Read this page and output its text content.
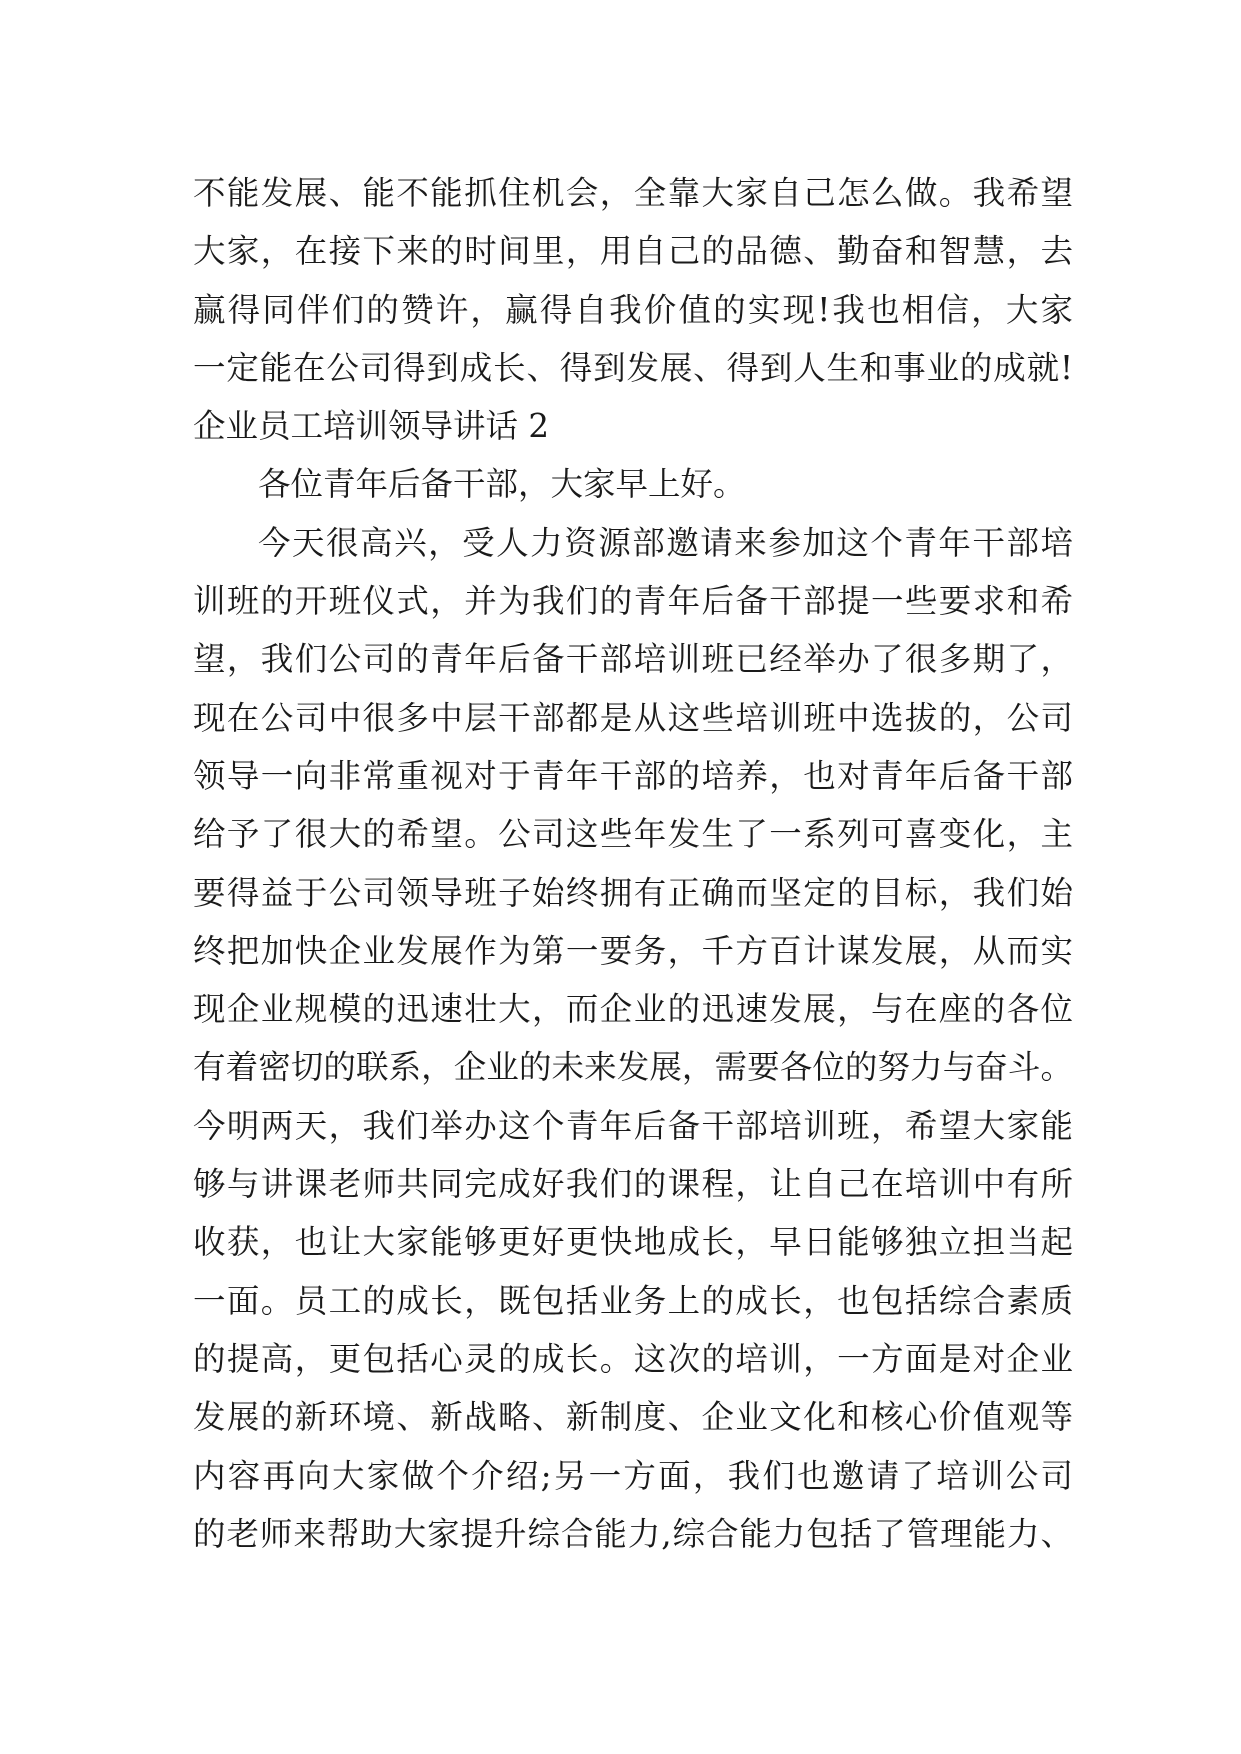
不能发展、能不能抓住机会，全靠大家自己怎么做。我希望
大家，在接下来的时间里，用自己的品德、勤奋和智慧，去
赢得同伴们的赞许，赢得自我价值的实现!我也相信，大家
一定能在公司得到成长、得到发展、得到人生和事业的成就!
企业员工培训领导讲话 2
各位青年后备干部，大家早上好。
今天很高兴，受人力资源部邀请来参加这个青年干部培
训班的开班仪式，并为我们的青年后备干部提一些要求和希
望，我们公司的青年后备干部培训班已经举办了很多期了，
现在公司中很多中层干部都是从这些培训班中选拔的，公司
领导一向非常重视对于青年干部的培养，也对青年后备干部
给予了很大的希望。公司这些年发生了一系列可喜变化，主
要得益于公司领导班子始终拥有正确而坚定的目标，我们始
终把加快企业发展作为第一要务，千方百计谋发展，从而实
现企业规模的迅速壮大，而企业的迅速发展，与在座的各位
有着密切的联系，企业的未来发展，需要各位的努力与奋斗。
今明两天，我们举办这个青年后备干部培训班，希望大家能
够与讲课老师共同完成好我们的课程，让自己在培训中有所
收获，也让大家能够更好更快地成长，早日能够独立担当起
一面。员工的成长，既包括业务上的成长，也包括综合素质
的提高，更包括心灵的成长。这次的培训，一方面是对企业
发展的新环境、新战略、新制度、企业文化和核心价值观等
内容再向大家做个介绍;另一方面，我们也邀请了培训公司
的老师来帮助大家提升综合能力,综合能力包括了管理能力、
